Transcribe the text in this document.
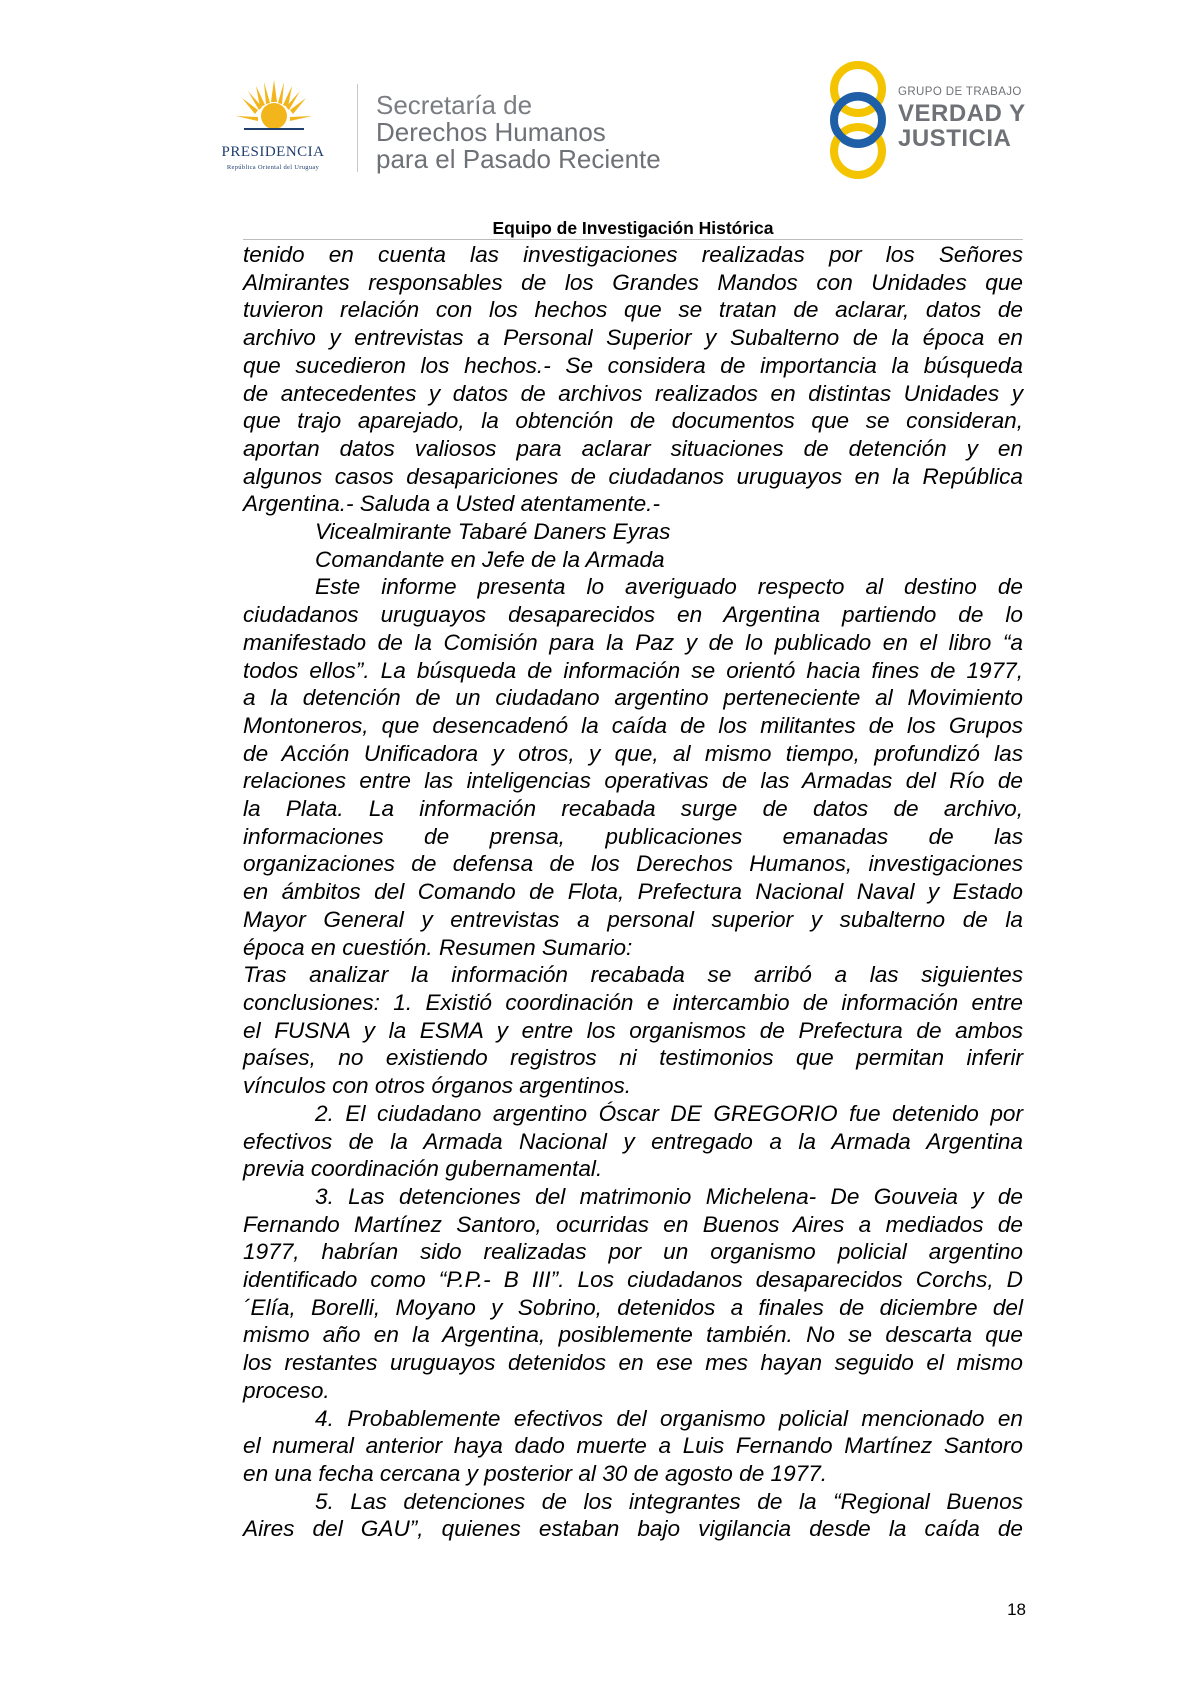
PRESIDENCIA
República Oriental del Uruguay
Secretaría de
Derechos Humanos
para el Pasado Reciente
GRUPO DE TRABAJO
VERDAD Y
JUSTICIA
Equipo de Investigación Histórica
tenido en cuenta las investigaciones realizadas por los Señores
Almirantes responsables de los Grandes Mandos con Unidades que
tuvieron relación con los hechos que se tratan de aclarar, datos de
archivo y entrevistas a Personal Superior y Subalterno de la época en
que sucedieron los hechos.- Se considera de importancia la búsqueda
de antecedentes y datos de archivos realizados en distintas Unidades y
que trajo aparejado, la obtención de documentos que se consideran,
aportan datos valiosos para aclarar situaciones de detención y en
algunos casos desapariciones de ciudadanos uruguayos en la República
Argentina.- Saluda a Usted atentamente.-
Vicealmirante Tabaré Daners Eyras
Comandante en Jefe de la Armada
Este informe presenta lo averiguado respecto al destino de
ciudadanos uruguayos desaparecidos en Argentina partiendo de lo
manifestado de la Comisión para la Paz y de lo publicado en el libro “a
todos ellos”. La búsqueda de información se orientó hacia fines de 1977,
a la detención de un ciudadano argentino perteneciente al Movimiento
Montoneros, que desencadenó la caída de los militantes de los Grupos
de Acción Unificadora y otros, y que, al mismo tiempo, profundizó las
relaciones entre las inteligencias operativas de las Armadas del Río de
la Plata. La información recabada surge de datos de archivo,
informaciones de prensa, publicaciones emanadas de las
organizaciones de defensa de los Derechos Humanos, investigaciones
en ámbitos del Comando de Flota, Prefectura Nacional Naval y Estado
Mayor General y entrevistas a personal superior y subalterno de la
época en cuestión. Resumen Sumario:
Tras analizar la información recabada se arribó a las siguientes
conclusiones: 1. Existió coordinación e intercambio de información entre
el FUSNA y la ESMA y entre los organismos de Prefectura de ambos
países, no existiendo registros ni testimonios que permitan inferir
vínculos con otros órganos argentinos.
2. El ciudadano argentino Óscar DE GREGORIO fue detenido por
efectivos de la Armada Nacional y entregado a la Armada Argentina
previa coordinación gubernamental.
3. Las detenciones del matrimonio Michelena- De Gouveia y de
Fernando Martínez Santoro, ocurridas en Buenos Aires a mediados de
1977, habrían sido realizadas por un organismo policial argentino
identificado como “P.P.- B III”. Los ciudadanos desaparecidos Corchs, D
´Elía, Borelli, Moyano y Sobrino, detenidos a finales de diciembre del
mismo año en la Argentina, posiblemente también. No se descarta que
los restantes uruguayos detenidos en ese mes hayan seguido el mismo
proceso.
4. Probablemente efectivos del organismo policial mencionado en
el numeral anterior haya dado muerte a Luis Fernando Martínez Santoro
en una fecha cercana y posterior al 30 de agosto de 1977.
5. Las detenciones de los integrantes de la “Regional Buenos
Aires del GAU”, quienes estaban bajo vigilancia desde la caída de
18
